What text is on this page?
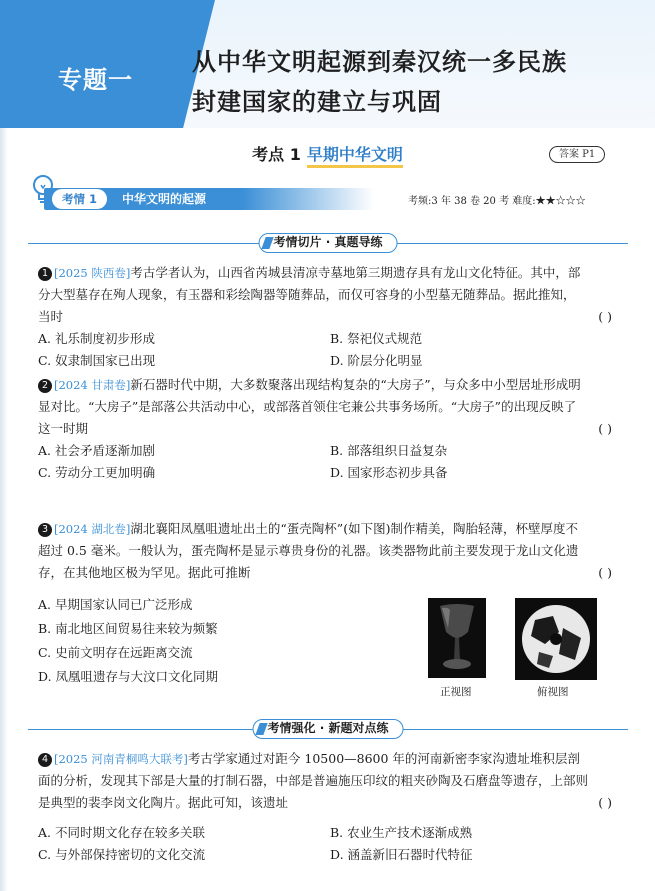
专题一
从中华文明起源到秦汉统一多民族
封建国家的建立与巩固
考点 1 早期中华文明	答案 P1
考情 1	中华文明的起源	考频:3 年 38 卷 20 考 难度:★★☆☆☆
考情切片 · 真题导练
1 [2025 陕西卷]考古学者认为，山西省芮城县清凉寺墓地第三期遗存具有龙山文化特征。其中，部
分大型墓存在殉人现象，有玉器和彩绘陶器等随葬品，而仅可容身的小型墓无随葬品。据此推知，
当时	( )
A. 礼乐制度初步形成	B. 祭祀仪式规范
C. 奴隶制国家已出现	D. 阶层分化明显
2 [2024 甘肃卷]新石器时代中期，大多数聚落出现结构复杂的“大房子”，与众多中小型居址形成明
显对比。“大房子”是部落公共活动中心，或部落首领住宅兼公共事务场所。“大房子”的出现反映了
这一时期	( )
A. 社会矛盾逐渐加剧	B. 部落组织日益复杂
C. 劳动分工更加明确	D. 国家形态初步具备
3 [2024 湖北卷]湖北襄阳凤凰咀遗址出土的“蛋壳陶杯”(如下图)制作精美，陶胎轻薄，杯壁厚度不
超过 0.5 毫米。一般认为，蛋壳陶杯是显示尊贵身份的礼器。该类器物此前主要发现于龙山文化遗
存，在其他地区极为罕见。据此可推断	( )
A. 早期国家认同已广泛形成
B. 南北地区间贸易往来较为频繁
C. 史前文明存在远距离交流
D. 凤凰咀遗存与大汶口文化同期
正视图	俯视图
考情强化 · 新题对点练
4 [2025 河南青桐鸣大联考]考古学家通过对距今 10500—8600 年的河南新密李家沟遗址堆积层剖
面的分析，发现其下部是大量的打制石器，中部是普遍施压印纹的粗夹砂陶及石磨盘等遗存，上部则
是典型的裴李岗文化陶片。据此可知，该遗址	( )
A. 不同时期文化存在较多关联	B. 农业生产技术逐渐成熟
C. 与外部保持密切的文化交流	D. 涵盖新旧石器时代特征
